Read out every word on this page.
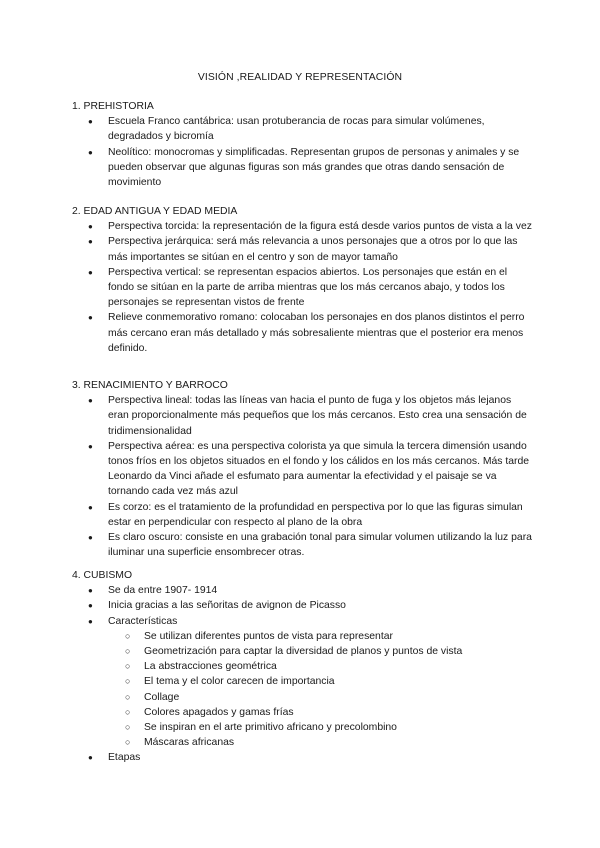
VISIÓN ,REALIDAD Y REPRESENTACIÓN
1. PREHISTORIA
● Escuela Franco cantábrica: usan protuberancia de rocas para simular volúmenes, degradados y bicromía
● Neolítico: monocromas y simplificadas. Representan grupos de personas y animales y se pueden observar que algunas figuras son más grandes que otras dando sensación de movimiento
2. EDAD ANTIGUA Y EDAD MEDIA
● Perspectiva torcida: la representación de la figura está desde varios puntos de vista a la vez
● Perspectiva jerárquica: será más relevancia a unos personajes que a otros por lo que las más importantes se sitúan en el centro y son de mayor tamaño
● Perspectiva vertical: se representan espacios abiertos. Los personajes que están en el fondo se sitúan en la parte de arriba mientras que los más cercanos abajo, y todos los personajes se representan vistos de frente
● Relieve conmemorativo romano: colocaban los personajes en dos planos distintos el perro más cercano eran más detallado y más sobresaliente mientras que el posterior era menos definido.
3. RENACIMIENTO Y BARROCO
● Perspectiva lineal: todas las líneas van hacia el punto de fuga y los objetos más lejanos eran proporcionalmente más pequeños que los más cercanos. Esto crea una sensación de tridimensionalidad
● Perspectiva aérea: es una perspectiva colorista ya que simula la tercera dimensión usando tonos fríos en los objetos situados en el fondo y los cálidos en los más cercanos. Más tarde Leonardo da Vinci añade el esfumato para aumentar la efectividad y el paisaje se va tornando cada vez más azul
● Es corzo: es el tratamiento de la profundidad en perspectiva por lo que las figuras simulan estar en perpendicular con respecto al plano de la obra
● Es claro oscuro: consiste en una grabación tonal para simular volumen utilizando la luz para iluminar una superficie ensombrecer otras.
4. CUBISMO
● Se da entre 1907- 1914
● Inicia gracias a las señoritas de avignon de Picasso
● Características
○ Se utilizan diferentes puntos de vista para representar
○ Geometrización para captar la diversidad de planos y puntos de vista
○ La abstracciones geométrica
○ El tema y el color carecen de importancia
○ Collage
○ Colores apagados y gamas frías
○ Se inspiran en el arte primitivo africano y precolombino
○ Máscaras africanas
● Etapas
